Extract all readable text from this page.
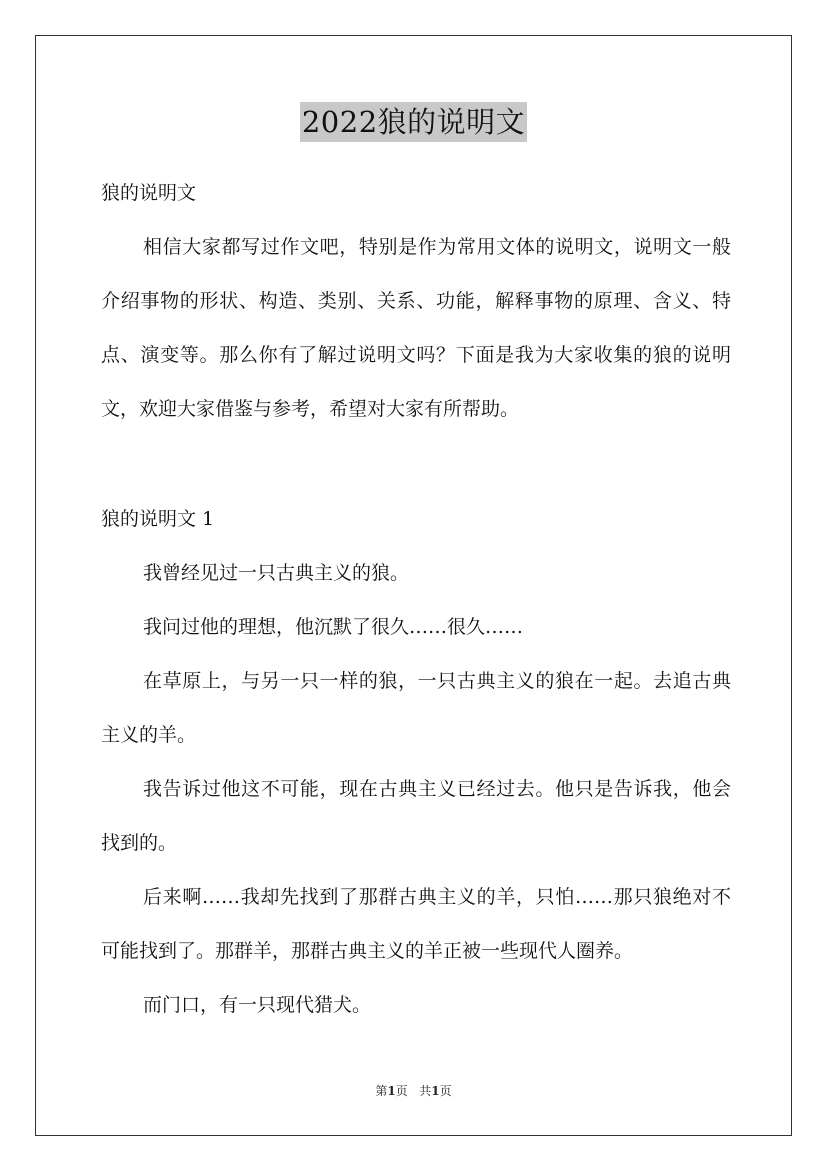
2022狼的说明文

狼的说明文

相信大家都写过作文吧，特别是作为常用文体的说明文，说明文一般介绍事物的形状、构造、类别、关系、功能，解释事物的原理、含义、特点、演变等。那么你有了解过说明文吗？下面是我为大家收集的狼的说明文，欢迎大家借鉴与参考，希望对大家有所帮助。

狼的说明文 1

我曾经见过一只古典主义的狼。

我问过他的理想，他沉默了很久……很久……

在草原上，与另一只一样的狼，一只古典主义的狼在一起。去追古典主义的羊。

我告诉过他这不可能，现在古典主义已经过去。他只是告诉我，他会找到的。

后来啊……我却先找到了那群古典主义的羊，只怕……那只狼绝对不可能找到了。那群羊，那群古典主义的羊正被一些现代人圈养。

而门口，有一只现代猎犬。

第1页 共1页
